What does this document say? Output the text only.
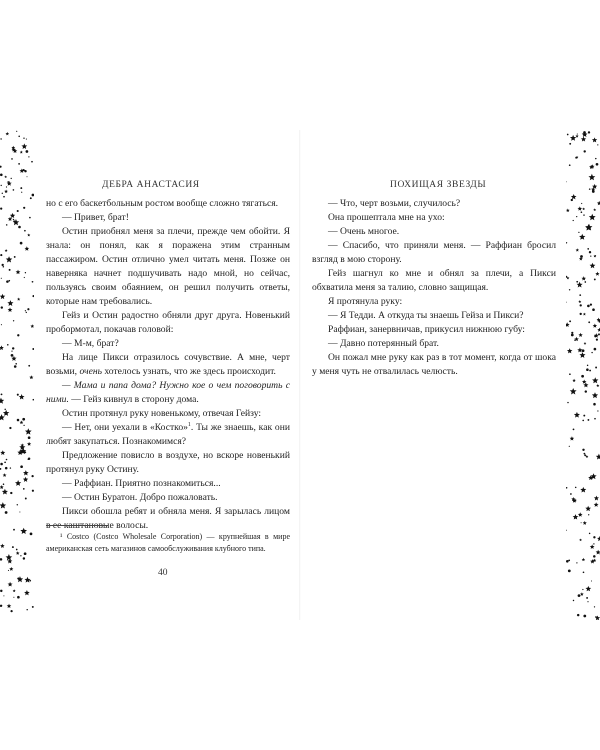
ДЕБРА АНАСТАСИЯ

но с его баскетбольным ростом вообще сложно тягаться.

— Привет, брат!

Остин приобнял меня за плечи, прежде чем обойти. Я знала: он понял, как я поражена этим странным пассажиром. Остин отлично умел читать меня. Позже он наверняка начнет подшучивать надо мной, но сейчас, пользуясь своим обаянием, он решил получить ответы, которые нам требовались.

Гейз и Остин радостно обняли друг друга. Новенький пробормотал, покачав головой:

— М-м, брат?

На лице Пикси отразилось сочувствие. А мне, черт возьми, очень хотелось узнать, что же здесь происходит.

— Мама и папа дома? Нужно кое о чем поговорить с ними. — Гейз кивнул в сторону дома.

Остин протянул руку новенькому, отвечая Гейзу:

— Нет, они уехали в «Костко»$^1$. Ты же знаешь, как они любят закупаться. Познакомимся?

Предложение повисло в воздухе, но вскоре новенький протянул руку Остину.

— Раффиан. Приятно познакомиться...

— Остин Буратон. Добро пожаловать.

Пикси обошла ребят и обняла меня. Я зарылась лицом в ее каштановые волосы.

¹ Costco (Costco Wholesale Corporation) — крупнейшая в мире американская сеть магазинов самообслуживания клубного типа.
40
ПОХИЩАЯ ЗВЕЗДЫ

— Что, черт возьми, случилось?

Она прошептала мне на ухо:

— Очень многое.

— Спасибо, что приняли меня. — Раффиан бросил взгляд в мою сторону.

Гейз шагнул ко мне и обнял за плечи, а Пикси обхватила меня за талию, словно защищая.

Я протянула руку:

— Я Тедди. А откуда ты знаешь Гейза и Пикси?

Раффиан, занервничав, прикусил нижнюю губу:

— Давно потерянный брат.

Он пожал мне руку как раз в тот момент, когда от шока у меня чуть не отвалилась челюсть.
